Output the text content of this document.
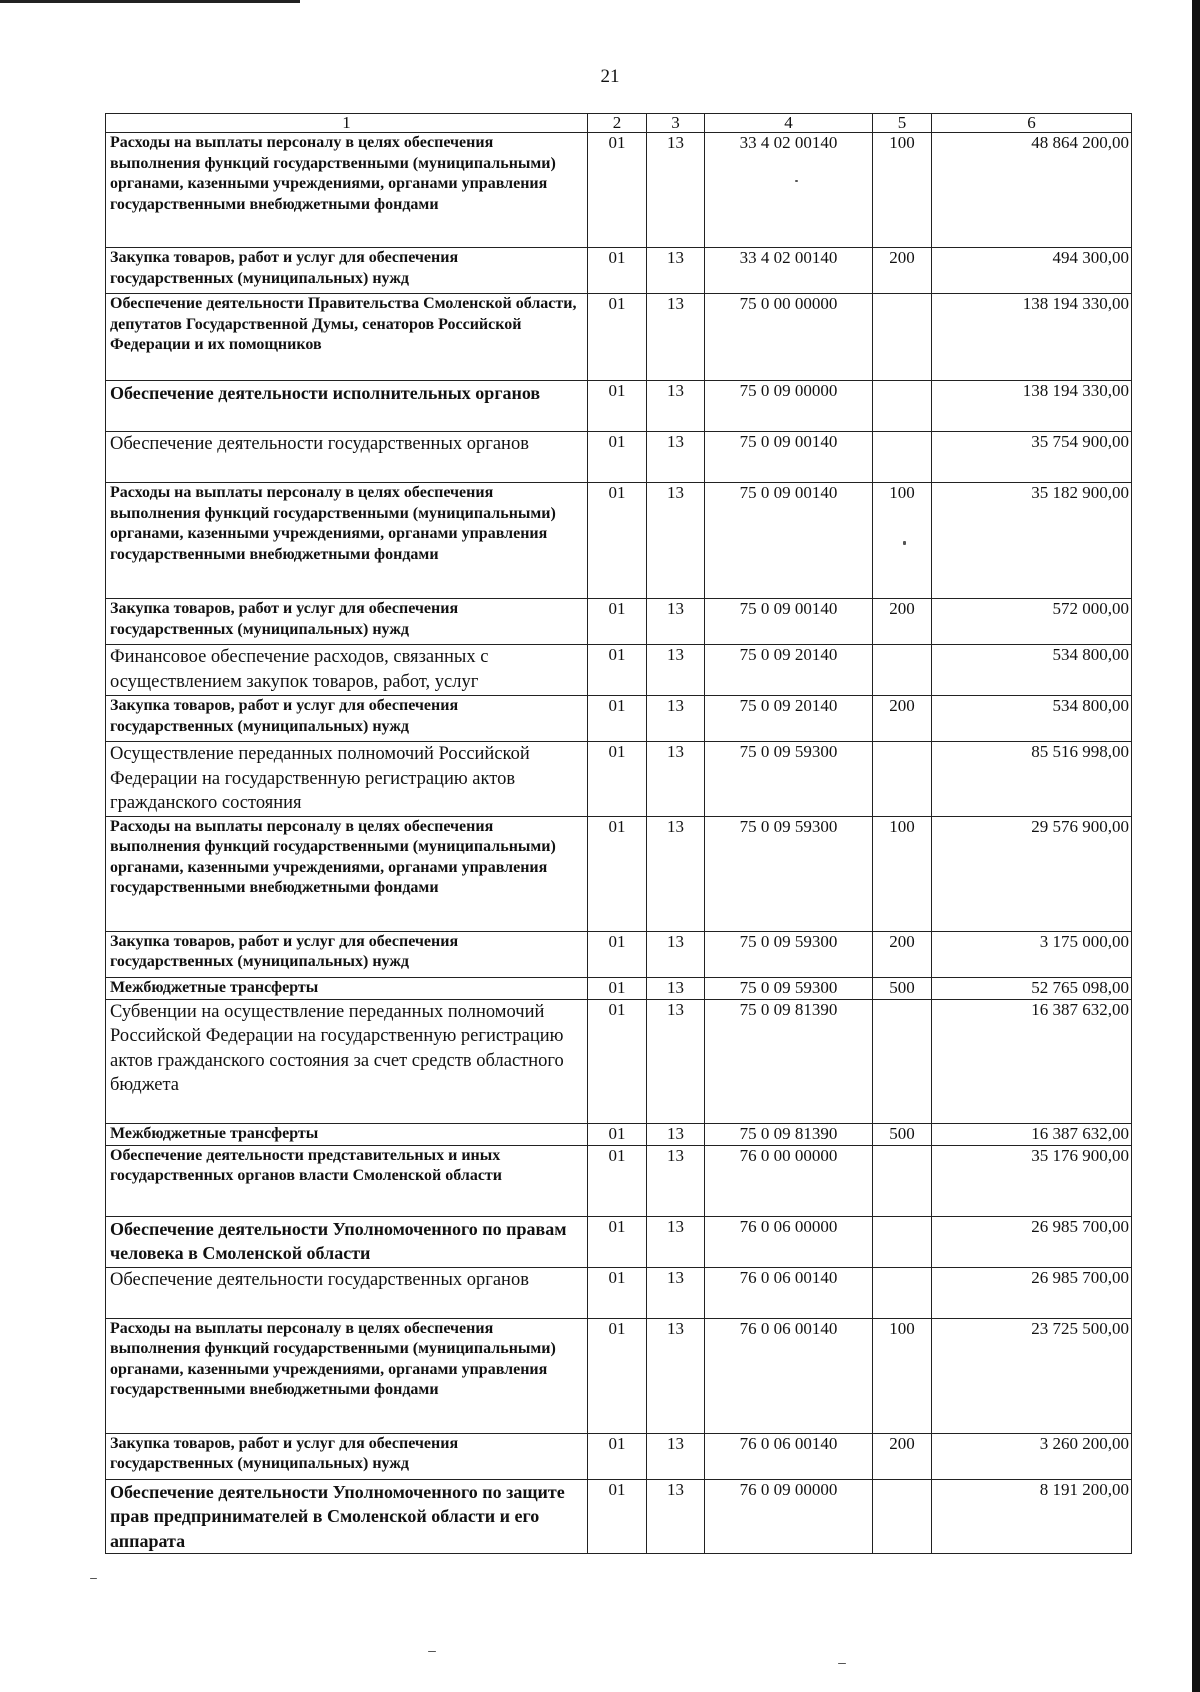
21
1	2	3	4	5	6
Расходы на выплаты персоналу в целях обеспечения выполнения функций государственными (муниципальными) органами, казенными учреждениями, органами управления государственными внебюджетными фондами	01	13	33 4 02 00140	100	48 864 200,00
Закупка товаров, работ и услуг для обеспечения государственных (муниципальных) нужд	01	13	33 4 02 00140	200	494 300,00
Обеспечение деятельности Правительства Смоленской области, депутатов Государственной Думы, сенаторов Российской Федерации и их помощников	01	13	75 0 00 00000		138 194 330,00
Обеспечение деятельности исполнительных органов	01	13	75 0 09 00000		138 194 330,00
Обеспечение деятельности государственных органов	01	13	75 0 09 00140		35 754 900,00
Расходы на выплаты персоналу в целях обеспечения выполнения функций государственными (муниципальными) органами, казенными учреждениями, органами управления государственными внебюджетными фондами	01	13	75 0 09 00140	100	35 182 900,00
Закупка товаров, работ и услуг для обеспечения государственных (муниципальных) нужд	01	13	75 0 09 00140	200	572 000,00
Финансовое обеспечение расходов, связанных с осуществлением закупок товаров, работ, услуг	01	13	75 0 09 20140		534 800,00
Закупка товаров, работ и услуг для обеспечения государственных (муниципальных) нужд	01	13	75 0 09 20140	200	534 800,00
Осуществление переданных полномочий Российской Федерации на государственную регистрацию актов гражданского состояния	01	13	75 0 09 59300		85 516 998,00
Расходы на выплаты персоналу в целях обеспечения выполнения функций государственными (муниципальными) органами, казенными учреждениями, органами управления государственными внебюджетными фондами	01	13	75 0 09 59300	100	29 576 900,00
Закупка товаров, работ и услуг для обеспечения государственных (муниципальных) нужд	01	13	75 0 09 59300	200	3 175 000,00
Межбюджетные трансферты	01	13	75 0 09 59300	500	52 765 098,00
Субвенции на осуществление переданных полномочий Российской Федерации на государственную регистрацию актов гражданского состояния за счет средств областного бюджета	01	13	75 0 09 81390		16 387 632,00
Межбюджетные трансферты	01	13	75 0 09 81390	500	16 387 632,00
Обеспечение деятельности представительных и иных государственных органов власти Смоленской области	01	13	76 0 00 00000		35 176 900,00
Обеспечение деятельности Уполномоченного по правам человека в Смоленской области	01	13	76 0 06 00000		26 985 700,00
Обеспечение деятельности государственных органов	01	13	76 0 06 00140		26 985 700,00
Расходы на выплаты персоналу в целях обеспечения выполнения функций государственными (муниципальными) органами, казенными учреждениями, органами управления государственными внебюджетными фондами	01	13	76 0 06 00140	100	23 725 500,00
Закупка товаров, работ и услуг для обеспечения государственных (муниципальных) нужд	01	13	76 0 06 00140	200	3 260 200,00
Обеспечение деятельности Уполномоченного по защите прав предпринимателей в Смоленской области и его аппарата	01	13	76 0 09 00000		8 191 200,00
